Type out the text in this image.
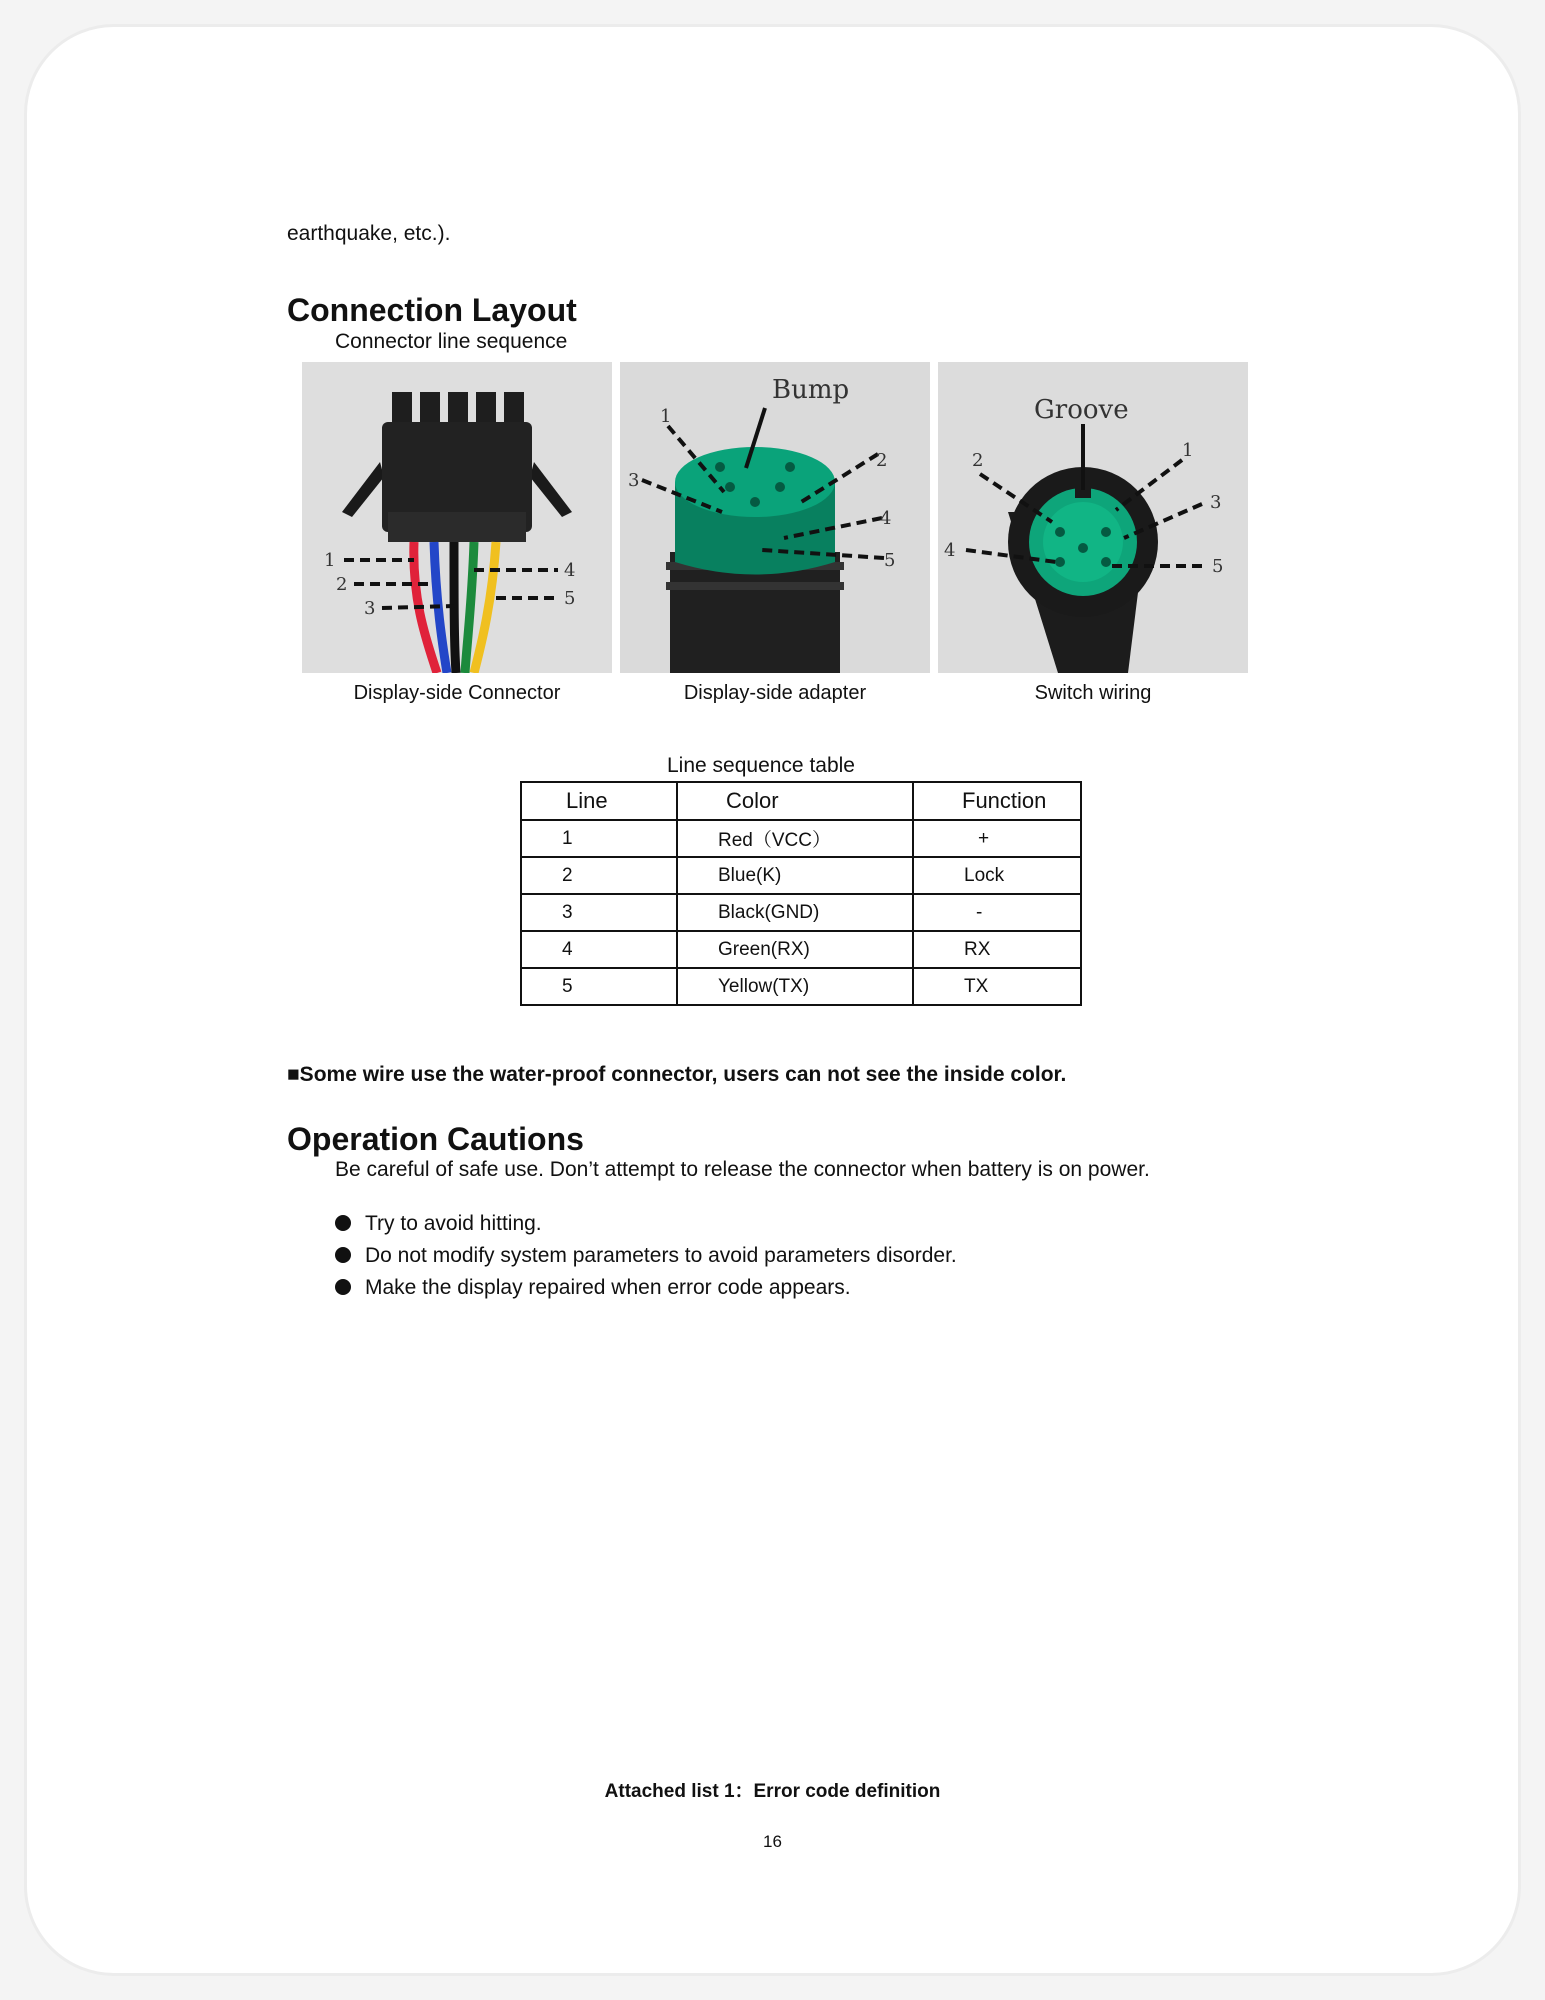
earthquake, etc.).
Connection Layout
Connector line sequence
1
2
3
4
5
Bump
1
2
3
4
5
Groove
1
2
3
4
5
Display-side Connector	Display-side adapter	Switch wiring
Line sequence table
Line	Color	Function
1	Red（VCC）	+
2	Blue(K)	Lock
3	Black(GND)	-
4	Green(RX)	RX
5	Yellow(TX)	TX
■Some wire use the water-proof connector, users can not see the inside color.
Operation Cautions
Be careful of safe use. Don’t attempt to release the connector when battery is on power.
Try to avoid hitting.
Do not modify system parameters to avoid parameters disorder.
Make the display repaired when error code appears.
Attached list 1：Error code definition
16
